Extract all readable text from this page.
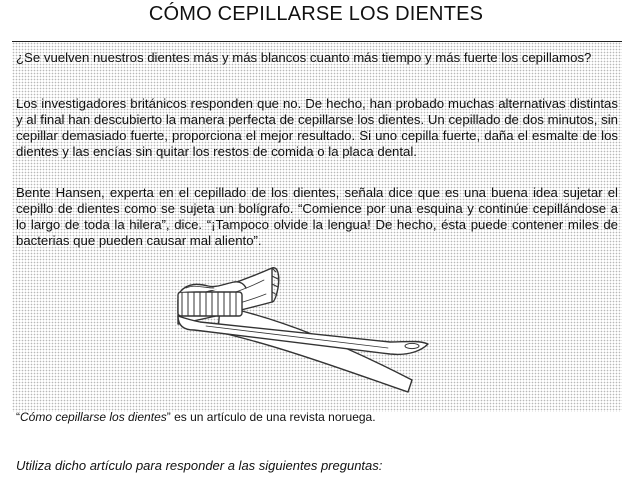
CÓMO CEPILLARSE LOS DIENTES

¿Se vuelven nuestros dientes más y más blancos cuanto más tiempo y más fuerte los cepillamos?

Los investigadores británicos responden que no. De hecho, han probado muchas alternativas distintas y al final han descubierto la manera perfecta de cepillarse los dientes. Un cepillado de dos minutos, sin cepillar demasiado fuerte, proporciona el mejor resultado. Si uno cepilla fuerte, daña el esmalte de los dientes y las encías sin quitar los restos de comida o la placa dental.

Bente Hansen, experta en el cepillado de los dientes, señala dice que es una buena idea sujetar el cepillo de dientes como se sujeta un bolígrafo. “Comience por una esquina y continúe cepillándose a lo largo de toda la hilera”, dice. “¡Tampoco olvide la lengua! De hecho, ésta puede contener miles de bacterias que pueden causar mal aliento”.

“Cómo cepillarse los dientes” es un artículo de una revista noruega.

Utiliza dicho artículo para responder a las siguientes preguntas:
